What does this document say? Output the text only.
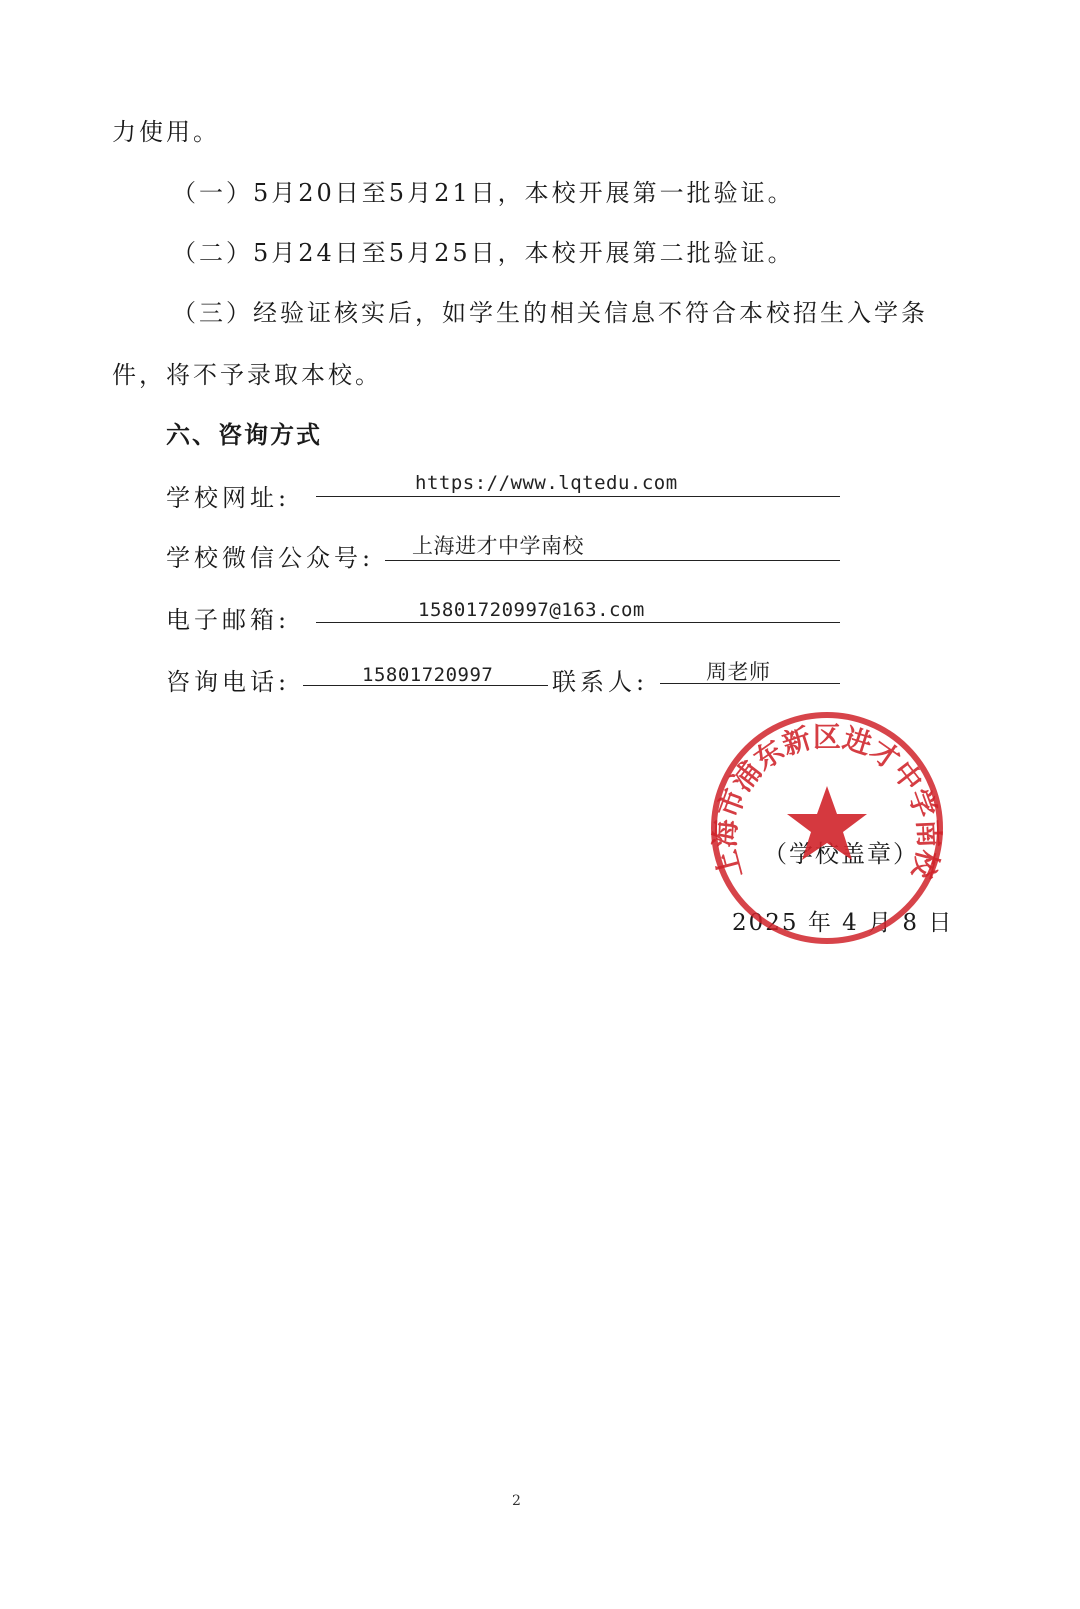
力使用。
（一）5月20日至5月21日，本校开展第一批验证。
（二）5月24日至5月25日，本校开展第二批验证。
（三）经验证核实后，如学生的相关信息不符合本校招生入学条
件，将不予录取本校。
六、咨询方式
学校网址:
https://www.lqtedu.com
学校微信公众号: 上海进才中学南校
电子邮箱:	15801720997@163.com
咨询电话:	15801720997 联系人:	周老师
（学校盖章）
2025 年 4 月 8 日
上海市浦东新区进才中学南校
2
